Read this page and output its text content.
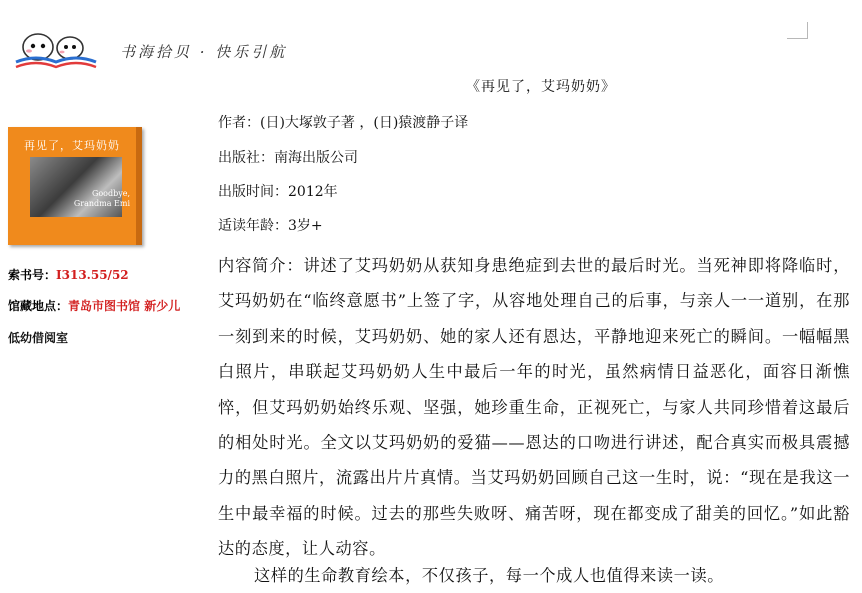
书海拾贝 · 快乐引航
再见了，艾玛奶奶
Goodbye, Grandma Emi
索书号：I313.55/52
馆藏地点：青岛市图书馆 新少儿
低幼借阅室
《再见了，艾玛奶奶》
作者：(日)大塚敦子著 ，(日)猿渡静子译
出版社：南海出版公司
出版时间：2012年
适读年龄：3岁+
内容简介：讲述了艾玛奶奶从获知身患绝症到去世的最后时光。当死神即将降临时，艾玛奶奶在“临终意愿书”上签了字，从容地处理自己的后事，与亲人一一道别，在那一刻到来的时候，艾玛奶奶、她的家人还有恩达，平静地迎来死亡的瞬间。一幅幅黑白照片，串联起艾玛奶奶人生中最后一年的时光，虽然病情日益恶化，面容日渐憔悴，但艾玛奶奶始终乐观、坚强，她珍重生命，正视死亡，与家人共同珍惜着这最后的相处时光。全文以艾玛奶奶的爱猫——恩达的口吻进行讲述，配合真实而极具震撼力的黑白照片，流露出片片真情。当艾玛奶奶回顾自己这一生时，说：“现在是我这一生中最幸福的时候。过去的那些失败呀、痛苦呀，现在都变成了甜美的回忆。”如此豁达的态度，让人动容。
这样的生命教育绘本，不仅孩子，每一个成人也值得来读一读。
